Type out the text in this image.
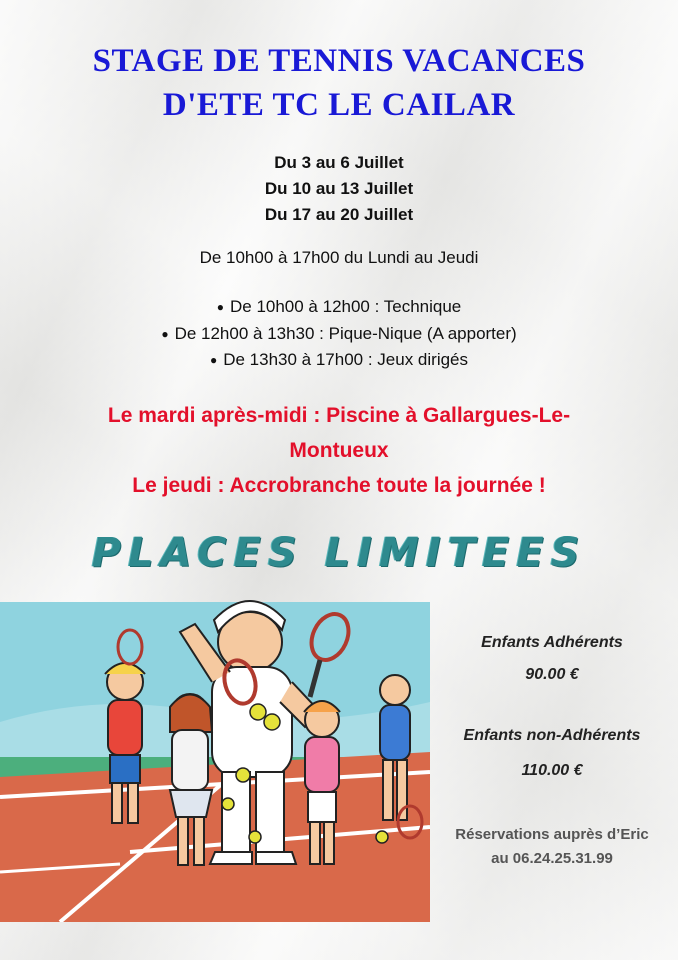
STAGE DE TENNIS VACANCES
D'ETE TC LE CAILAR
Du 3 au 6 Juillet
Du 10 au 13 Juillet
Du 17 au 20 Juillet
De 10h00 à 17h00 du Lundi au Jeudi
● De 10h00 à 12h00 : Technique
● De 12h00 à 13h30 : Pique-Nique (A apporter)
● De 13h30 à 17h00 : Jeux dirigés
Le mardi après-midi : Piscine à Gallargues-Le-
Montueux
Le jeudi : Accrobranche toute la journée !
PLACES LIMITEES
Enfants Adhérents
90.00 €
Enfants non-Adhérents
110.00 €
Réservations auprès d’Eric
au 06.24.25.31.99
